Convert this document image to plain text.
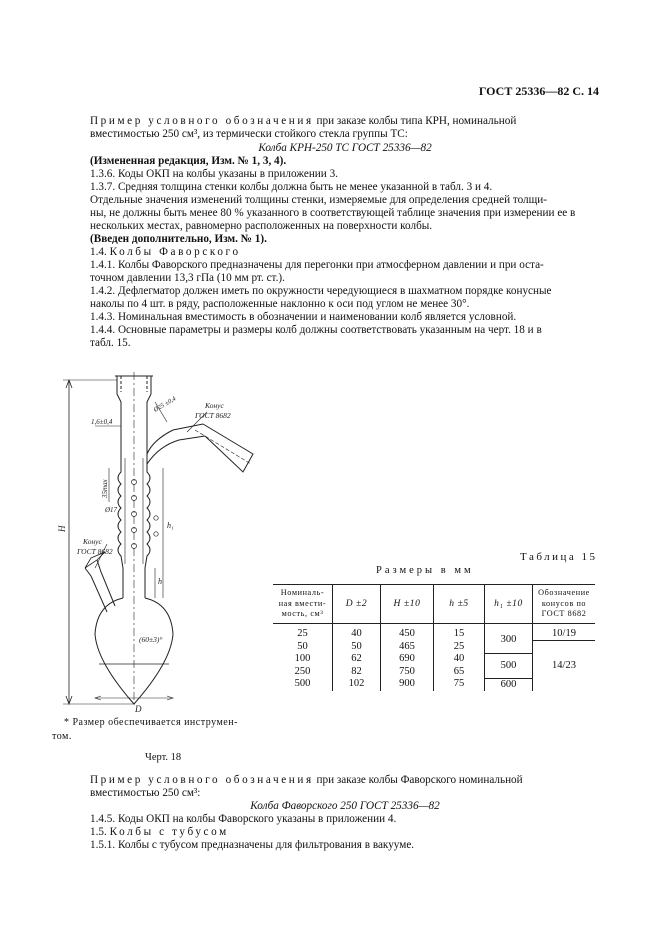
ГОСТ 25336—82 С. 14
Пример условного обозначения при заказе колбы типа КРН, номинальной
вместимостью 250 см³, из термически стойкого стекла группы ТС:
Колба КРН-250 ТС ГОСТ 25336—82
(Измененная редакция, Изм. № 1, 3, 4).
1.3.6. Коды ОКП на колбы указаны в приложении 3.
1.3.7. Средняя толщина стенки колбы должна быть не менее указанной в табл. 3 и 4.
Отдельные значения изменений толщины стенки, измеряемые для определения средней толщи-
ны, не должны быть менее 80 % указанного в соответствующей таблице значения при измерении ее в
нескольких местах, равномерно расположенных на поверхности колбы.
(Введен дополнительно, Изм. № 1).
1.4. Колбы Фаворского
1.4.1. Колбы Фаворского предназначены для перегонки при атмосферном давлении и при оста-
точном давлении 13,3 гПа (10 мм рт. ст.).
1.4.2. Дефлегматор должен иметь по окружности чередующиеся в шахматном порядке конусные
наколы по 4 шт. в ряду, расположенные наклонно к оси под углом не менее 30°.
1.4.3. Номинальная вместимость в обозначении и наименовании колб является условной.
1.4.4. Основные параметры и размеры колб должны соответствовать указанным на черт. 18 и в
табл. 15.
Конус
ГОСТ 8682
Конус
ГОСТ 8682
1,6±0,4
Ø25 ±0,4
35max
Ø17
H	h₁
h
(60±3)°
D
* Размер обеспечивается инструмен-
том.
Черт. 18
Таблица 15
Размеры в мм
Номиналь-
ная вмести-
мость, см³	D ±2	H ±10	h ±5	h₁ ±10	Обозначение
конусов по
ГОСТ 8682
25	40	450	15	300	10/19
50	50	465	25		14/23
100	62	690	40	500	
250	82	750	65		
500	102	900	75	600	
Пример условного обозначения при заказе колбы Фаворского номинальной
вместимостью 250 см³:
Колба Фаворского 250 ГОСТ 25336—82
1.4.5. Коды ОКП на колбы Фаворского указаны в приложении 4.
1.5. Колбы с тубусом
1.5.1. Колбы с тубусом предназначены для фильтрования в вакууме.
